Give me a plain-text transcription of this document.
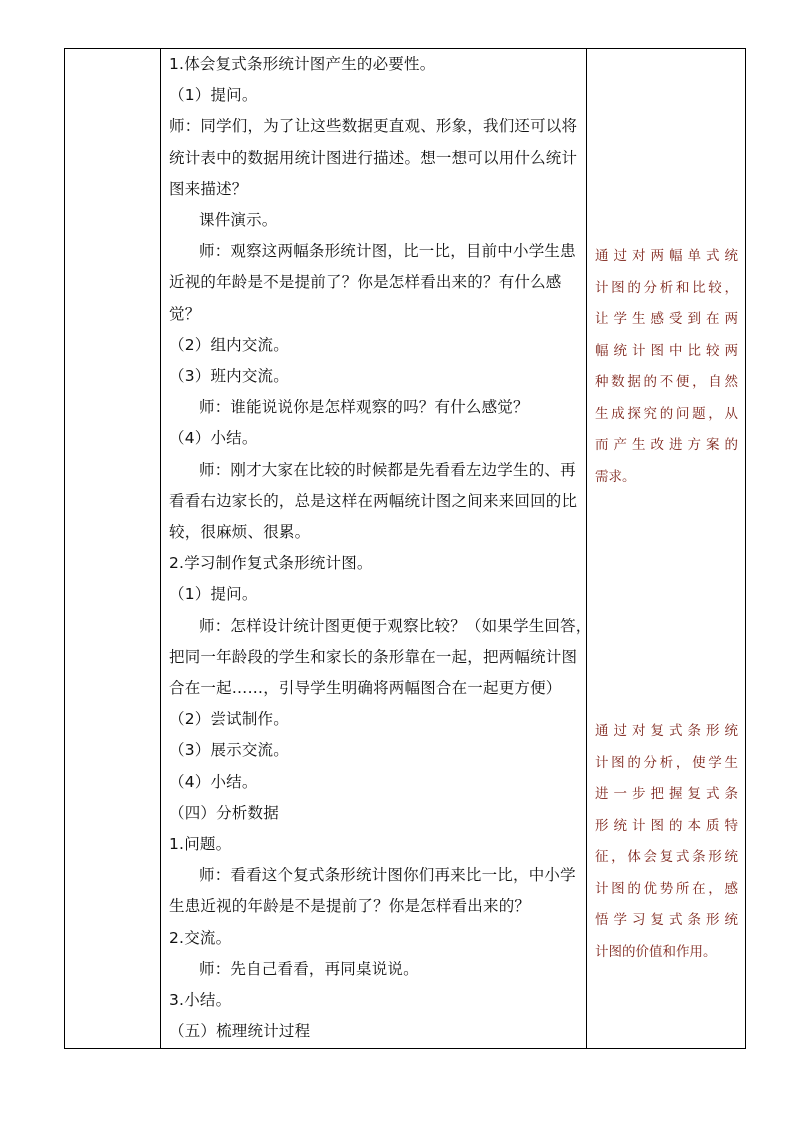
1.体会复式条形统计图产生的必要性。
（1）提问。
师：同学们，为了让这些数据更直观、形象，我们还可以将
统计表中的数据用统计图进行描述。想一想可以用什么统计
图来描述？
课件演示。
师：观察这两幅条形统计图，比一比，目前中小学生患
近视的年龄是不是提前了？你是怎样看出来的？有什么感
觉？
（2）组内交流。
（3）班内交流。
师：谁能说说你是怎样观察的吗？有什么感觉？
（4）小结。
师：刚才大家在比较的时候都是先看看左边学生的、再
看看右边家长的，总是这样在两幅统计图之间来来回回的比
较，很麻烦、很累。
2.学习制作复式条形统计图。
（1）提问。
师：怎样设计统计图更便于观察比较？（如果学生回答，
把同一年龄段的学生和家长的条形靠在一起，把两幅统计图
合在一起……，引导学生明确将两幅图合在一起更方便）
（2）尝试制作。
（3）展示交流。
（4）小结。
（四）分析数据
1.问题。
师：看看这个复式条形统计图你们再来比一比，中小学
生患近视的年龄是不是提前了？你是怎样看出来的？
2.交流。
师：先自己看看，再同桌说说。
3.小结。
（五）梳理统计过程

通过对两幅单式统
计图的分析和比较，
让学生感受到在两
幅统计图中比较两
种数据的不便，自然
生成探究的问题，从
而产生改进方案的
需求。
通过对复式条形统
计图的分析，使学生
进一步把握复式条
形统计图的本质特
征，体会复式条形统
计图的优势所在，感
悟学习复式条形统
计图的价值和作用。
